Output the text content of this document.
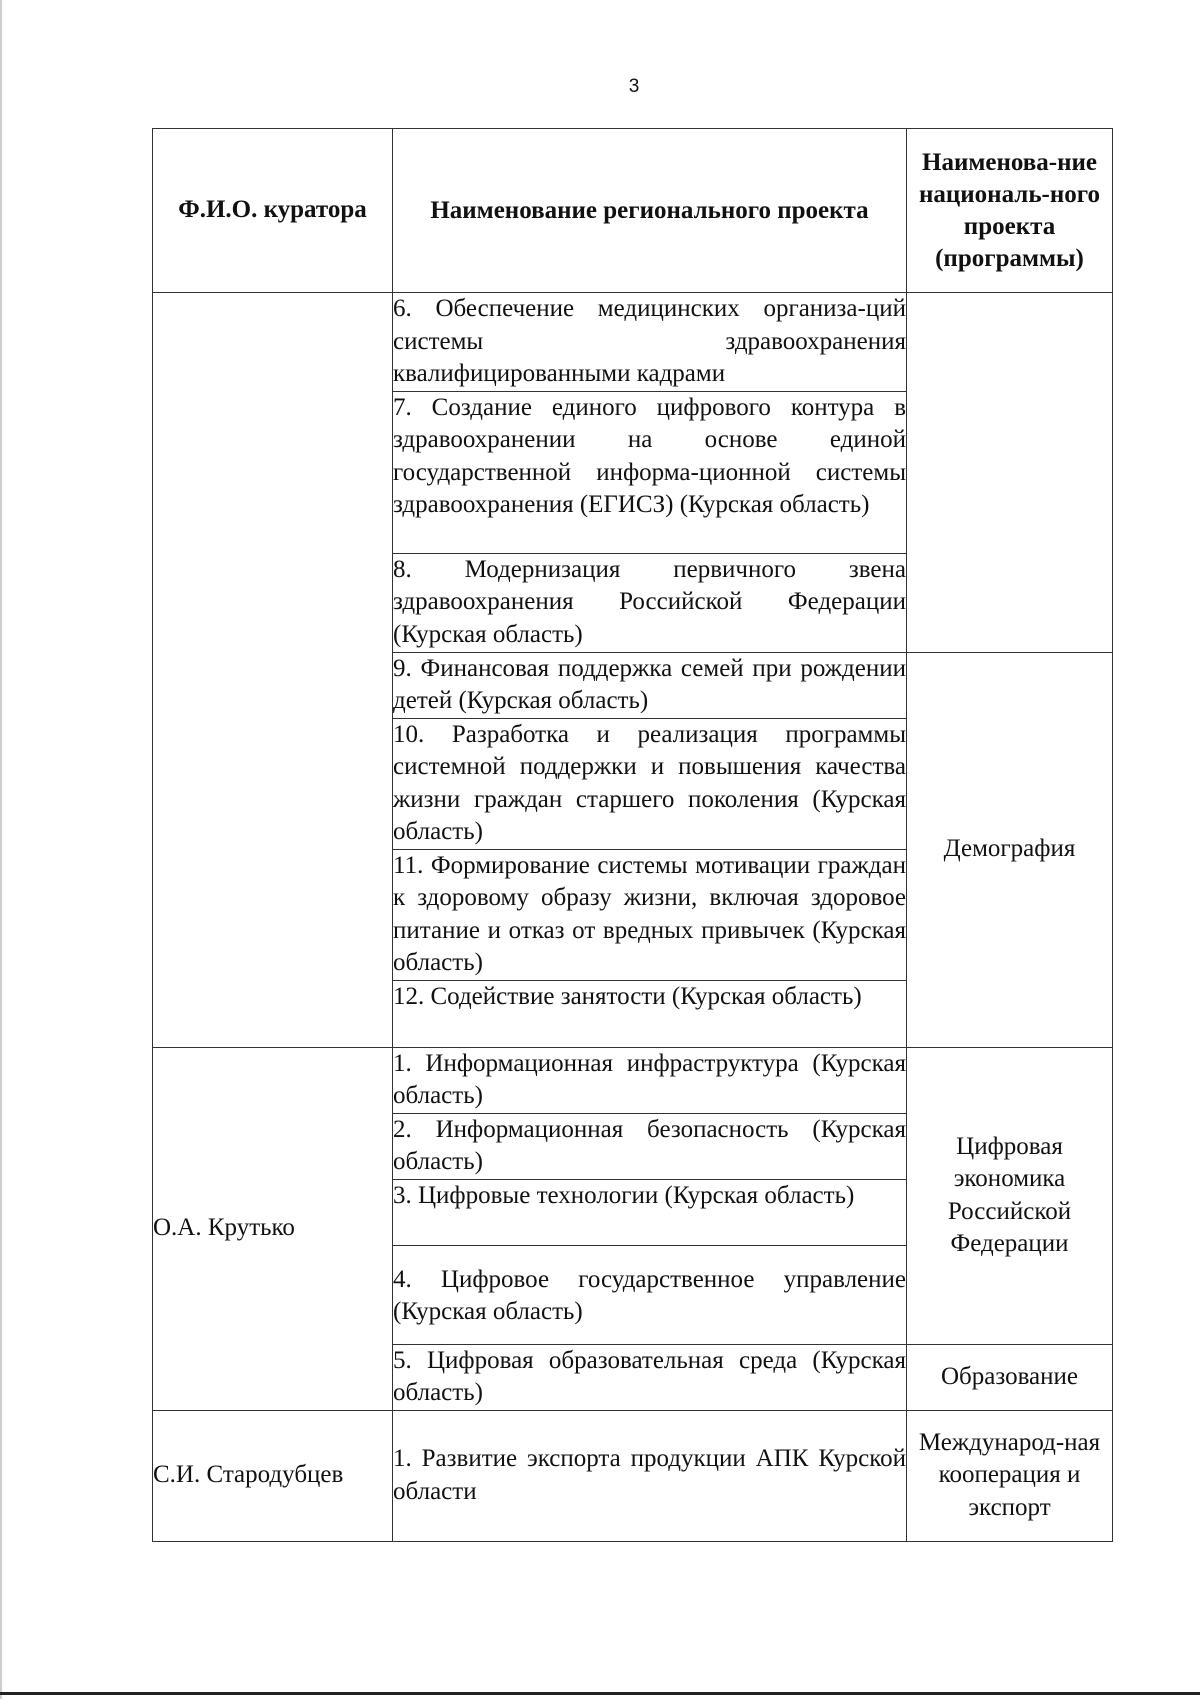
3
Ф.И.О. куратора	Наименование регионального проекта	Наименова-ние националь-ного проекта (программы)
	6. Обеспечение медицинских организа-ций системы здравоохранения квалифицированными кадрами	
	7. Создание единого цифрового контура в здравоохранении на основе единой государственной информа-ционной системы здравоохранения (ЕГИСЗ) (Курская область)	
	8. Модернизация первичного звена здравоохранения Российской Федерации (Курская область)	
	9. Финансовая поддержка семей при рождении детей (Курская область)	Демография
	10. Разработка и реализация программы системной поддержки и повышения качества жизни граждан старшего поколения (Курская область)	
	11. Формирование системы мотивации граждан к здоровому образу жизни, включая здоровое питание и отказ от вредных привычек (Курская область)	
	12. Содействие занятости (Курская область)	
О.А. Крутько	1. Информационная инфраструктура (Курская область)	Цифровая экономика Российской Федерации
	2. Информационная безопасность (Курская область)	
	3. Цифровые технологии (Курская область)	
	4. Цифровое государственное управление (Курская область)	
	5. Цифровая образовательная среда (Курская область)	Образование
С.И. Стародубцев	1. Развитие экспорта продукции АПК Курской области	Международ-ная кооперация и экспорт
